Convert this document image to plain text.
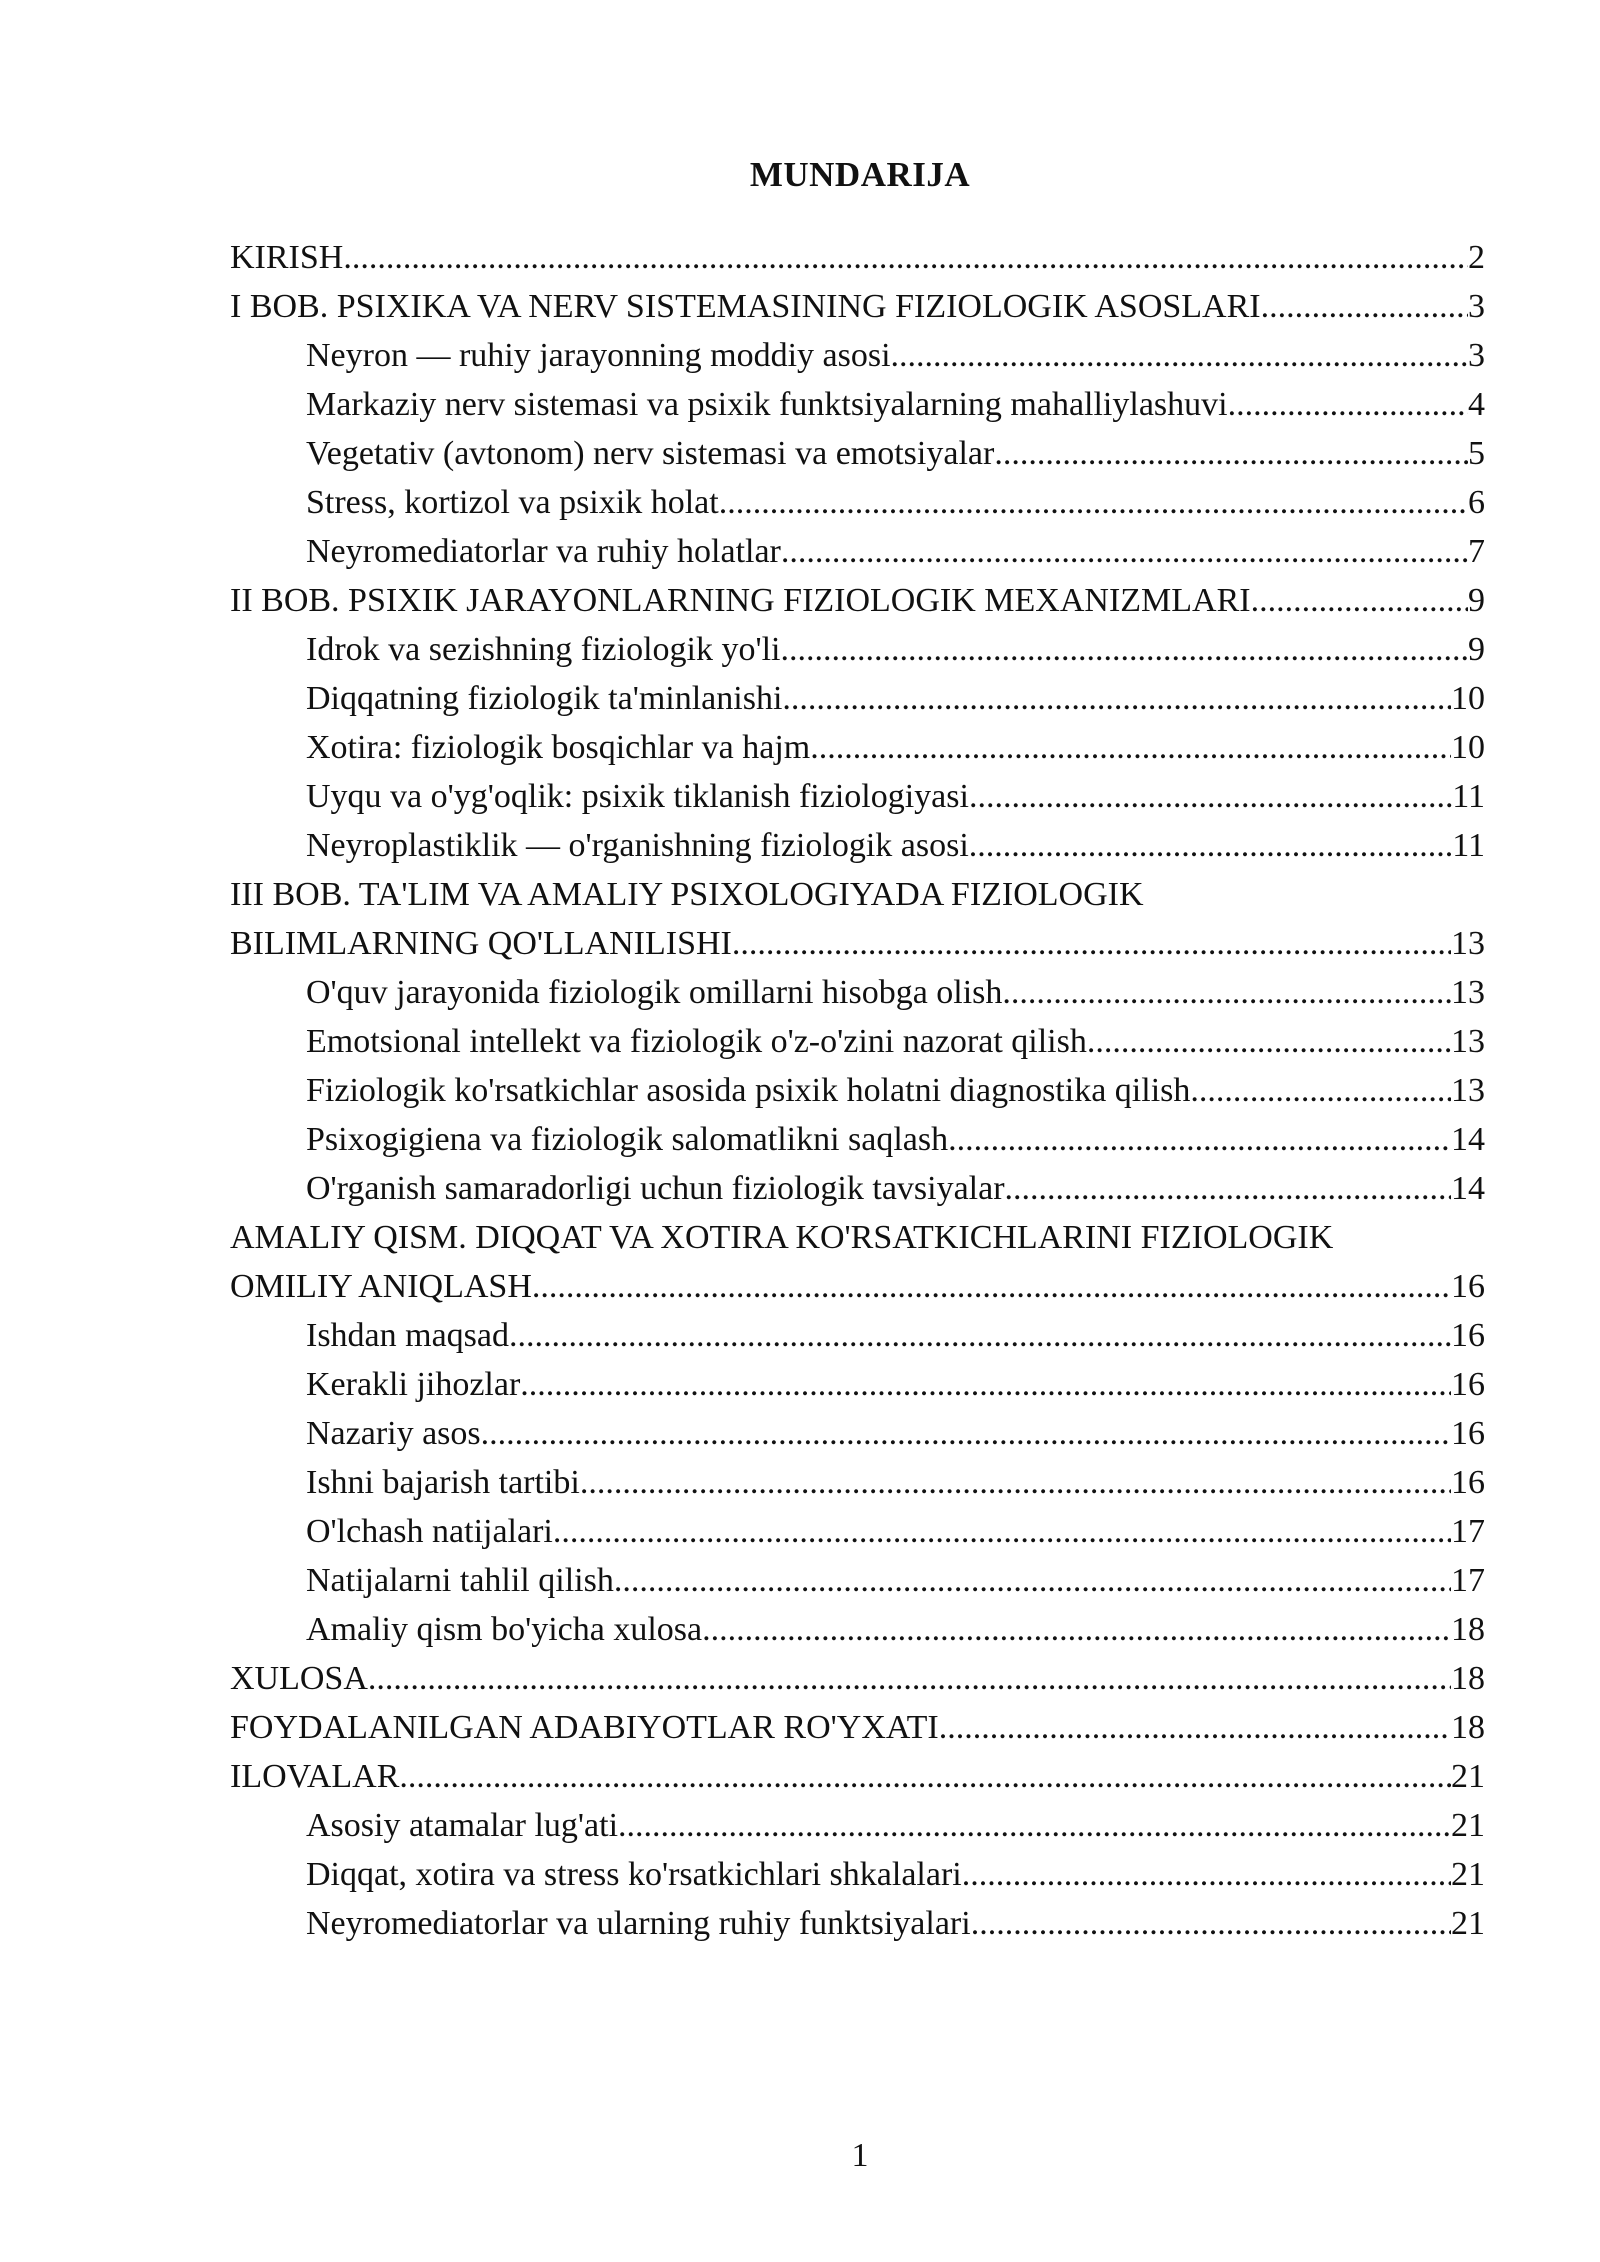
MUNDARIJA
KIRISH .....	2
I BOB. PSIXIKA VA NERV SISTEMASINING FIZIOLOGIK ASOSLARI .....	3
Neyron — ruhiy jarayonning moddiy asosi .....	3
Markaziy nerv sistemasi va psixik funktsiyalarning mahalliylashuvi .....	4
Vegetativ (avtonom) nerv sistemasi va emotsiyalar .....	5
Stress, kortizol va psixik holat .....	6
Neyromediatorlar va ruhiy holatlar .....	7
II BOB. PSIXIK JARAYONLARNING FIZIOLOGIK MEXANIZMLARI .....	9
Idrok va sezishning fiziologik yo'li .....	9
Diqqatning fiziologik ta'minlanishi .....	10
Xotira: fiziologik bosqichlar va hajm .....	10
Uyqu va o'yg'oqlik: psixik tiklanish fiziologiyasi .....	11
Neyroplastiklik — o'rganishning fiziologik asosi .....	11
III BOB. TA'LIM VA AMALIY PSIXOLOGIYADA FIZIOLOGIK
BILIMLARNING QO'LLANILISHI .....	13
O'quv jarayonida fiziologik omillarni hisobga olish .....	13
Emotsional intellekt va fiziologik o'z-o'zini nazorat qilish .....	13
Fiziologik ko'rsatkichlar asosida psixik holatni diagnostika qilish .....	13
Psixogigiena va fiziologik salomatlikni saqlash .....	14
O'rganish samaradorligi uchun fiziologik tavsiyalar .....	14
AMALIY QISM. DIQQAT VA XOTIRA KO'RSATKICHLARINI FIZIOLOGIK
OMILIY ANIQLASH .....	16
Ishdan maqsad .....	16
Kerakli jihozlar .....	16
Nazariy asos .....	16
Ishni bajarish tartibi .....	16
O'lchash natijalari .....	17
Natijalarni tahlil qilish .....	17
Amaliy qism bo'yicha xulosa .....	18
XULOSA .....	18
FOYDALANILGAN ADABIYOTLAR RO'YXATI .....	18
ILOVALAR .....	21
Asosiy atamalar lug'ati .....	21
Diqqat, xotira va stress ko'rsatkichlari shkalalari .....	21
Neyromediatorlar va ularning ruhiy funktsiyalari .....	21
1
